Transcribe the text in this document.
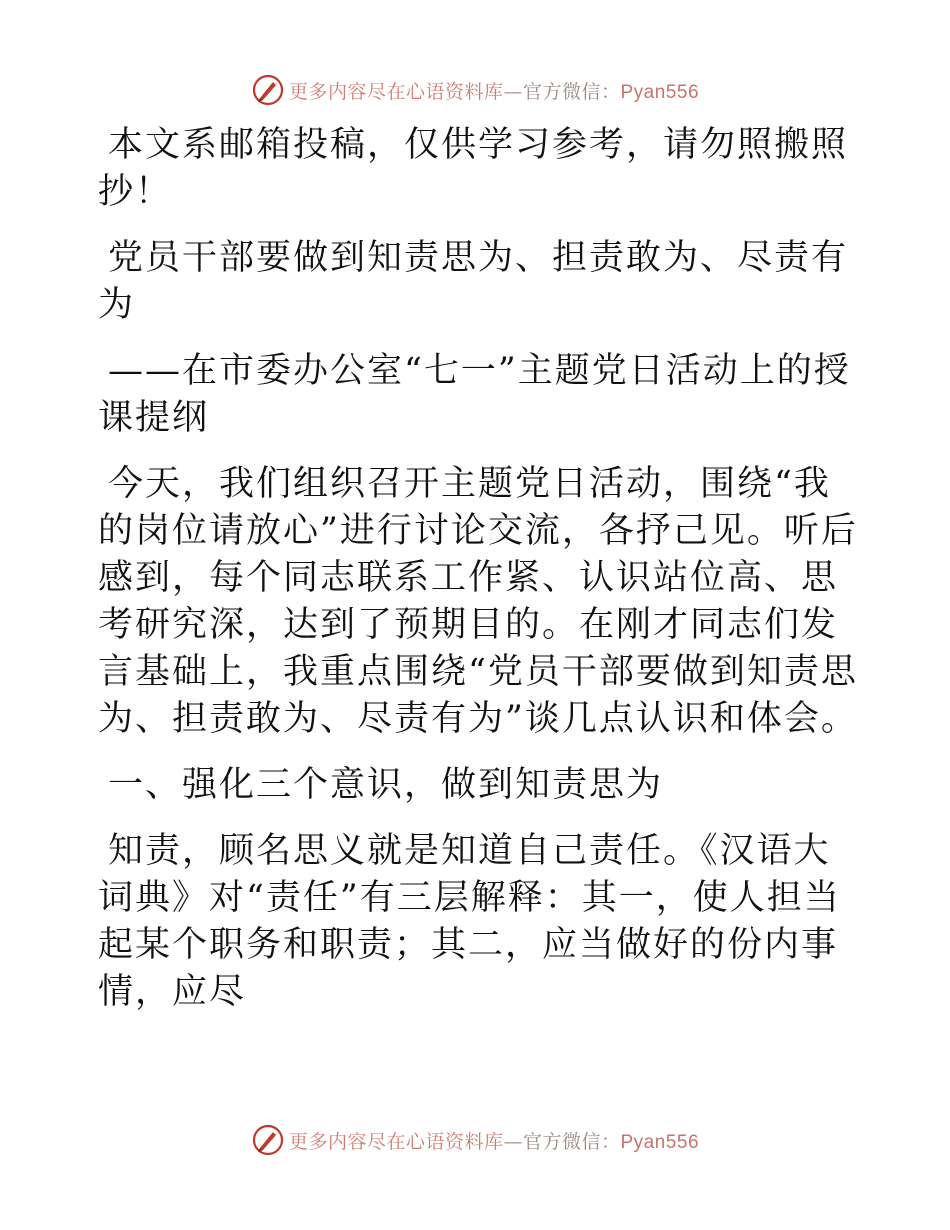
更多内容尽在心语资料库—官方微信：Pyan556

本文系邮箱投稿，仅供学习参考，请勿照搬照抄！

党员干部要做到知责思为、担责敢为、尽责有为

——在市委办公室“七一”主题党日活动上的授课提纲

今天，我们组织召开主题党日活动，围绕“我的岗位请放心”进行讨论交流，各抒己见。听后感到，每个同志联系工作紧、认识站位高、思考研究深，达到了预期目的。在刚才同志们发言基础上，我重点围绕“党员干部要做到知责思为、担责敢为、尽责有为”谈几点认识和体会。

一、强化三个意识，做到知责思为

知责，顾名思义就是知道自己责任。《汉语大词典》对“责任”有三层解释：其一，使人担当起某个职务和职责；其二，应当做好的份内事情，应尽

更多内容尽在心语资料库—官方微信：Pyan556
